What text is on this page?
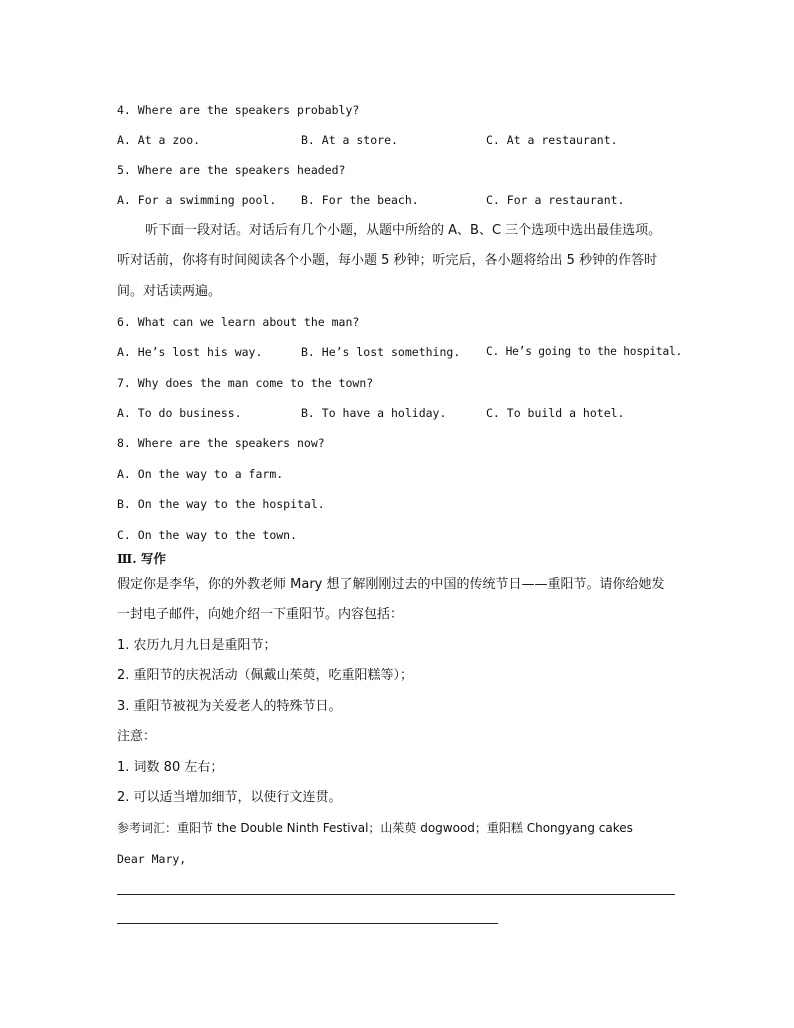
4. Where are the speakers probably?
A. At a zoo.	B. At a store.	C. At a restaurant.
5. Where are the speakers headed?
A. For a swimming pool. B. For the beach.	C. For a restaurant.
听下面一段对话。对话后有几个小题，从题中所给的 A、B、C 三个选项中选出最佳选项。
听对话前，你将有时间阅读各个小题，每小题 5 秒钟；听完后，各小题将给出 5 秒钟的作答时
间。对话读两遍。
6. What can we learn about the man?
A. He’s lost his way.	B. He’s lost something. C. He’s going to the hospital.
7. Why does the man come to the town?
A. To do business.	B. To have a holiday.	C. To build a hotel.
8. Where are the speakers now?
A. On the way to a farm.
B. On the way to the hospital.
C. On the way to the town.
Ⅲ. 写作
假定你是李华，你的外教老师 Mary 想了解刚刚过去的中国的传统节日——重阳节。请你给她发
一封电子邮件，向她介绍一下重阳节。内容包括：
1. 农历九月九日是重阳节；
2. 重阳节的庆祝活动（佩戴山茱萸，吃重阳糕等）；
3. 重阳节被视为关爱老人的特殊节日。
注意：
1. 词数 80 左右；
2. 可以适当增加细节，以使行文连贯。
参考词汇：重阳节 the Double Ninth Festival；山茱萸 dogwood；重阳糕 Chongyang cakes
Dear Mary,
